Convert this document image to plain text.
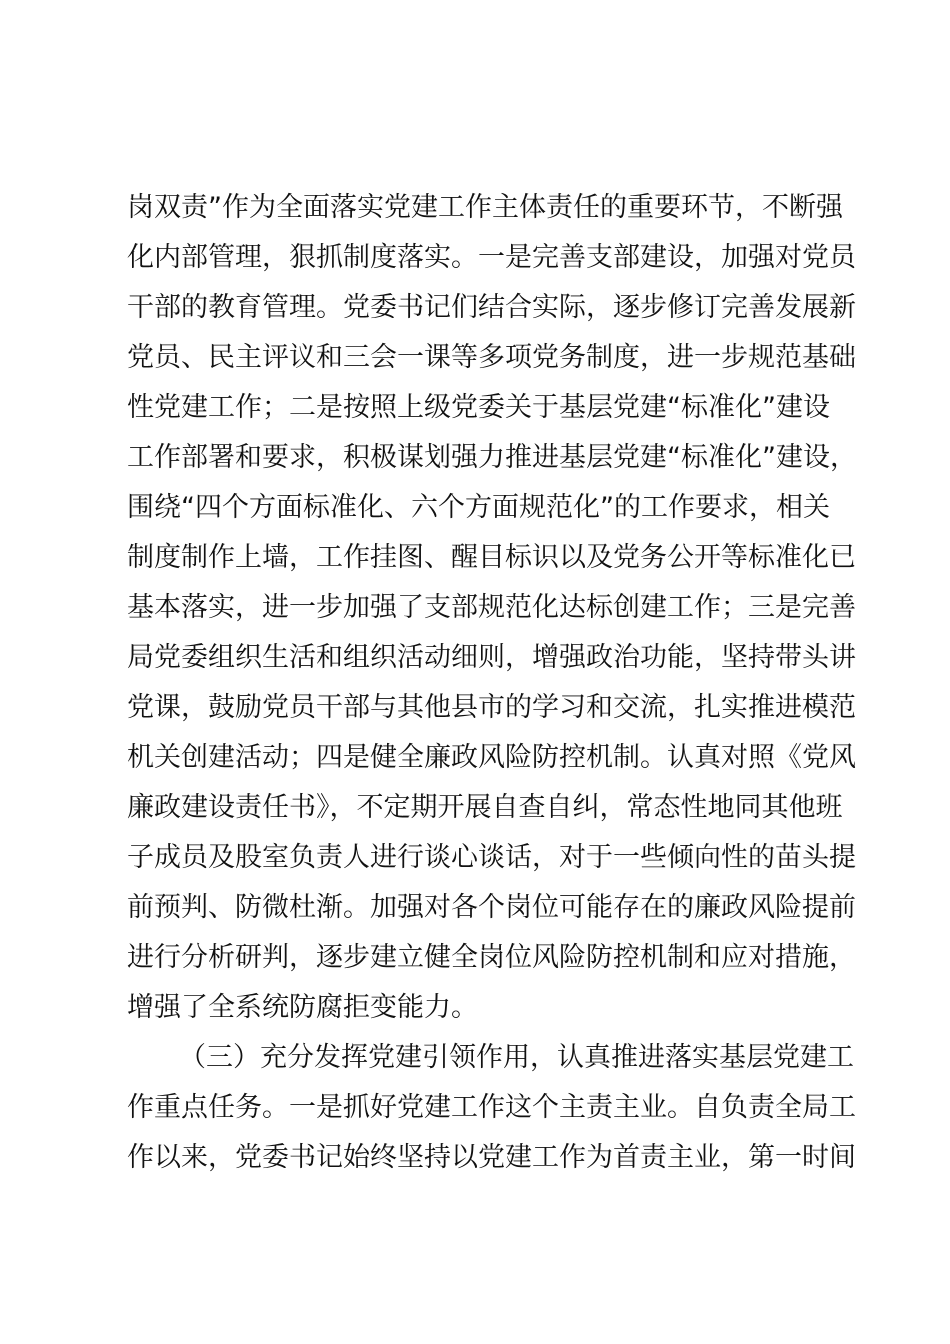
岗双责”作为全面落实党建工作主体责任的重要环节，不断强
化内部管理，狠抓制度落实。一是完善支部建设，加强对党员
干部的教育管理。党委书记们结合实际，逐步修订完善发展新
党员、民主评议和三会一课等多项党务制度，进一步规范基础
性党建工作；二是按照上级党委关于基层党建“标准化”建设
工作部署和要求，积极谋划强力推进基层党建“标准化”建设，
围绕“四个方面标准化、六个方面规范化”的工作要求，相关
制度制作上墙，工作挂图、醒目标识以及党务公开等标准化已
基本落实，进一步加强了支部规范化达标创建工作；三是完善
局党委组织生活和组织活动细则，增强政治功能，坚持带头讲
党课，鼓励党员干部与其他县市的学习和交流，扎实推进模范
机关创建活动；四是健全廉政风险防控机制。认真对照《党风
廉政建设责任书》，不定期开展自查自纠，常态性地同其他班
子成员及股室负责人进行谈心谈话，对于一些倾向性的苗头提
前预判、防微杜渐。加强对各个岗位可能存在的廉政风险提前
进行分析研判，逐步建立健全岗位风险防控机制和应对措施，
增强了全系统防腐拒变能力。
（三）充分发挥党建引领作用，认真推进落实基层党建工
作重点任务。一是抓好党建工作这个主责主业。自负责全局工
作以来，党委书记始终坚持以党建工作为首责主业，第一时间
